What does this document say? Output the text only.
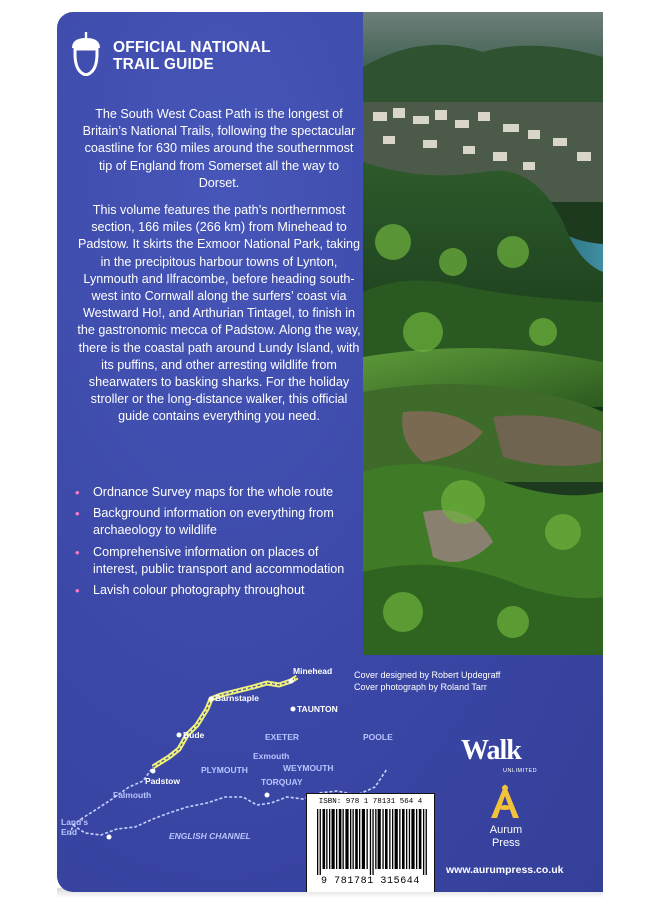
OFFICIAL NATIONAL
TRAIL GUIDE

The South West Coast Path is the longest of Britain’s National Trails, following the spectacular coastline for 630 miles around the southernmost tip of England from Somerset all the way to Dorset.

This volume features the path’s northernmost section, 166 miles (266 km) from Minehead to Padstow. It skirts the Exmoor National Park, taking in the precipitous harbour towns of Lynton, Lynmouth and Ilfracombe, before heading south-west into Cornwall along the surfers’ coast via Westward Ho!, and Arthurian Tintagel, to finish in the gastronomic mecca of Padstow. Along the way, there is the coastal path around Lundy Island, with its puffins, and other arresting wildlife from shearwaters to basking sharks. For the holiday stroller or the long-distance walker, this official guide contains everything you need.

•	Ordnance Survey maps for the whole route
•	Background information on everything from archaeology to wildlife
•	Comprehensive information on places of interest, public transport and accommodation
•	Lavish colour photography throughout
Cover designed by Robert Updegraff
Cover photograph by Roland Tarr
Minehead
Barnstaple
TAUNTON
Bude	EXETER	POOLE
Exmouth
WEYMOUTH
Padstow
PLYMOUTH
TORQUAY
Falmouth
Land's
End	ENGLISH CHANNEL
ISBN: 978 1 78131 564 4
9 781781 315644
Walk
UNLIMITED
Aurum
Press
www.aurumpress.co.uk
